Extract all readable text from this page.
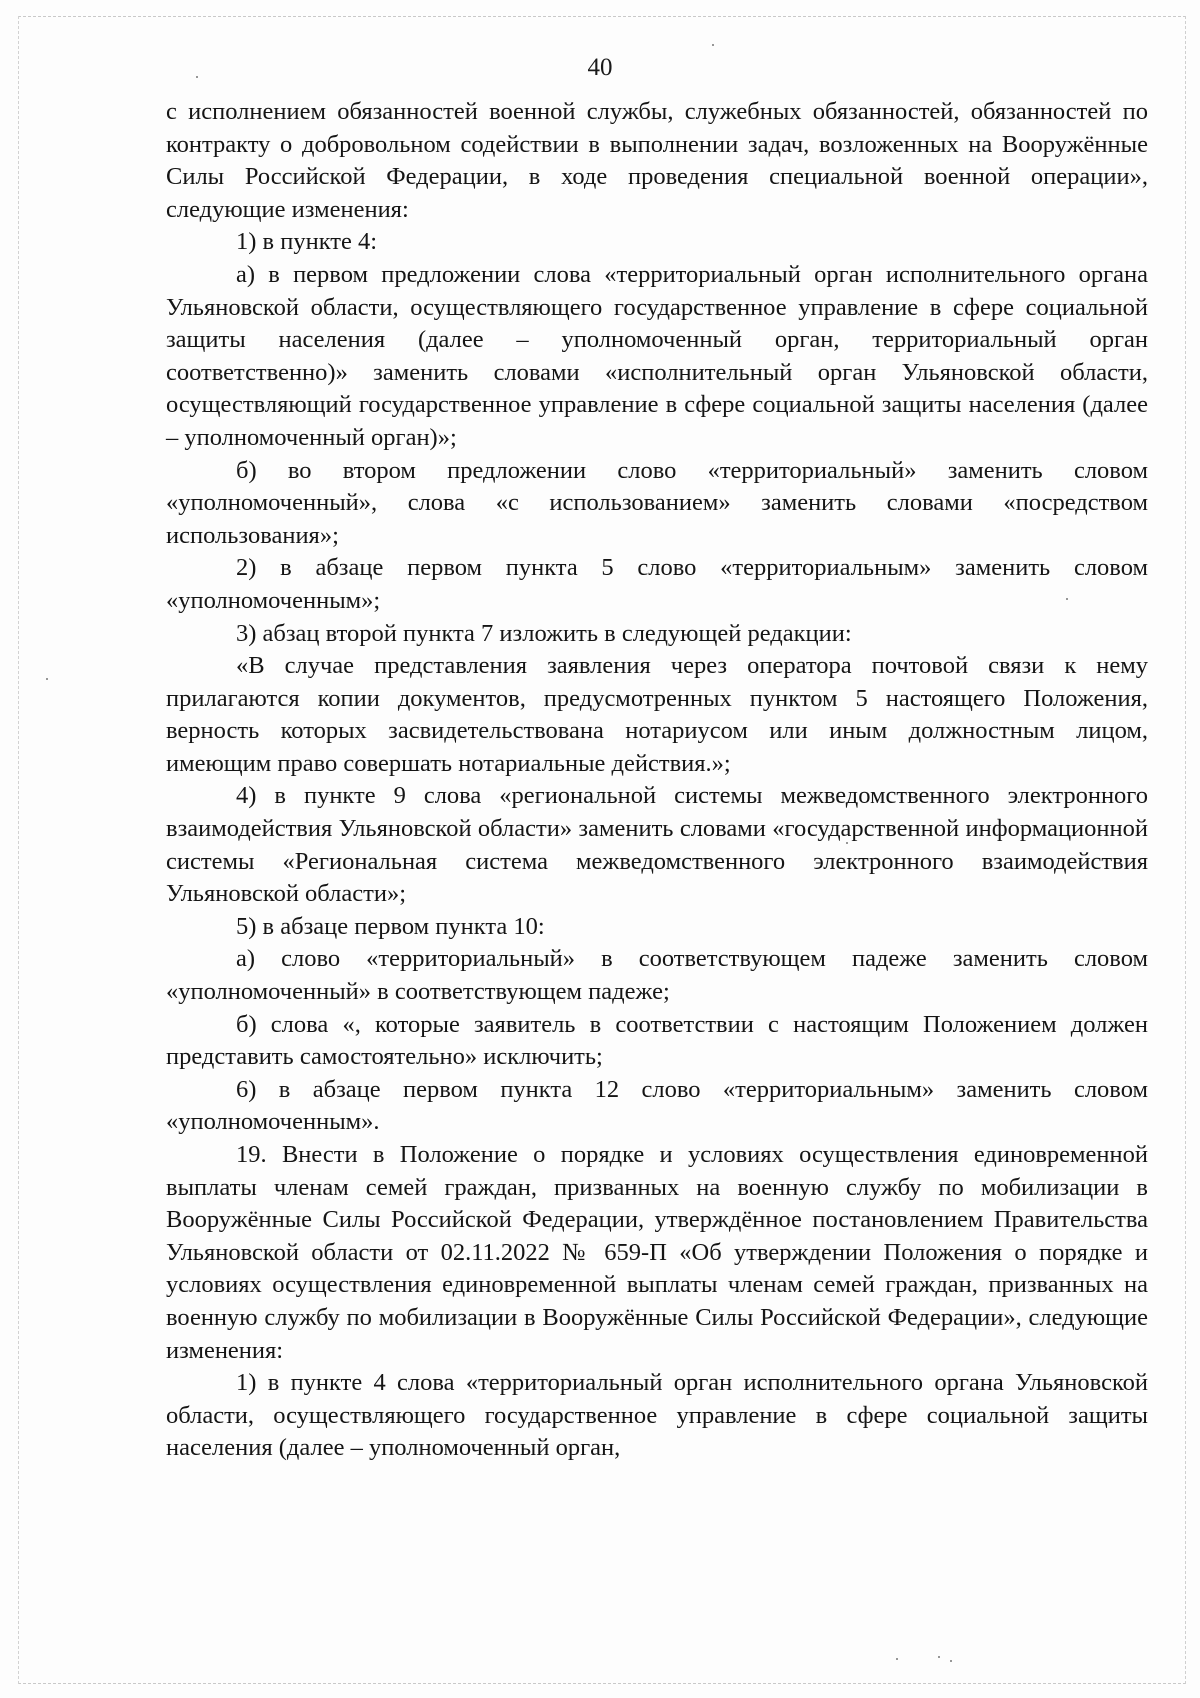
40

с исполнением обязанностей военной службы, служебных обязанностей, обязанностей по контракту о добровольном содействии в выполнении задач, возложенных на Вооружённые Силы Российской Федерации, в ходе проведения специальной военной операции», следующие изменения:

1) в пункте 4:

а) в первом предложении слова «территориальный орган исполнительного органа Ульяновской области, осуществляющего государственное управление в сфере социальной защиты населения (далее – уполномоченный орган, территориальный орган соответственно)» заменить словами «исполнительный орган Ульяновской области, осуществляющий государственное управление в сфере социальной защиты населения (далее – уполномоченный орган)»;

б) во втором предложении слово «территориальный» заменить словом «уполномоченный», слова «с использованием» заменить словами «посредством использования»;

2) в абзаце первом пункта 5 слово «территориальным» заменить словом «уполномоченным»;

3) абзац второй пункта 7 изложить в следующей редакции:

«В случае представления заявления через оператора почтовой связи к нему прилагаются копии документов, предусмотренных пунктом 5 настоящего Положения, верность которых засвидетельствована нотариусом или иным должностным лицом, имеющим право совершать нотариальные действия.»;

4) в пункте 9 слова «региональной системы межведомственного электронного взаимодействия Ульяновской области» заменить словами «государственной информационной системы «Региональная система межведомственного электронного взаимодействия Ульяновской области»;

5) в абзаце первом пункта 10:

а) слово «территориальный» в соответствующем падеже заменить словом «уполномоченный» в соответствующем падеже;

б) слова «, которые заявитель в соответствии с настоящим Положением должен представить самостоятельно» исключить;

6) в абзаце первом пункта 12 слово «территориальным» заменить словом «уполномоченным».

19. Внести в Положение о порядке и условиях осуществления единовременной выплаты членам семей граждан, призванных на военную службу по мобилизации в Вооружённые Силы Российской Федерации, утверждённое постановлением Правительства Ульяновской области от 02.11.2022 № 659-П «Об утверждении Положения о порядке и условиях осуществления единовременной выплаты членам семей граждан, призванных на военную службу по мобилизации в Вооружённые Силы Российской Федерации», следующие изменения:

1) в пункте 4 слова «территориальный орган исполнительного органа Ульяновской области, осуществляющего государственное управление в сфере социальной защиты населения (далее – уполномоченный орган,
